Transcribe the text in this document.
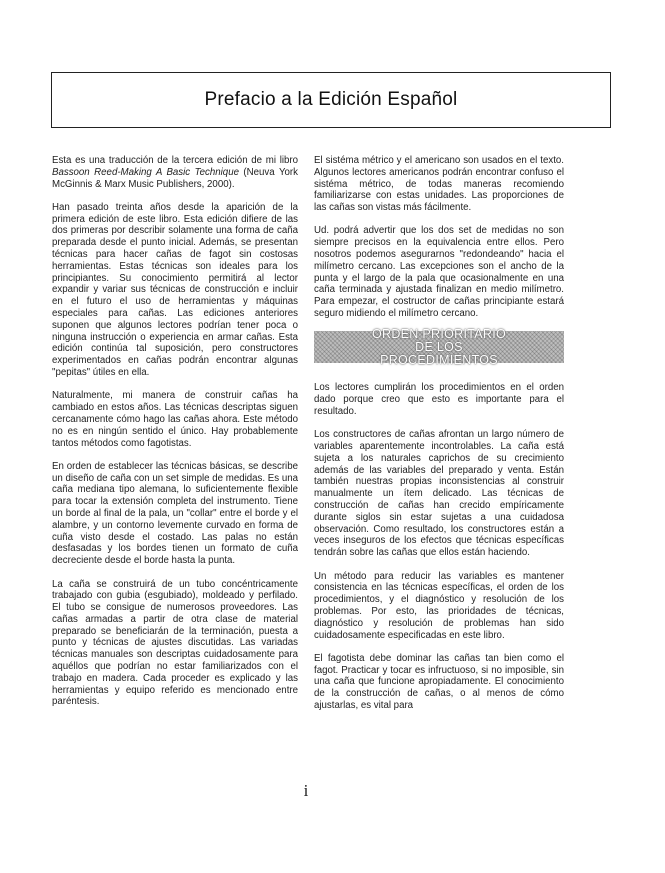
Prefacio a la Edición Español

Esta es una traducción de la tercera edición de mi libro Bassoon Reed-Making A Basic Technique (Neuva York McGinnis & Marx Music Publishers, 2000).

Han pasado treinta años desde la aparición de la primera edición de este libro. Esta edición difiere de las dos primeras por describir solamente una forma de caña preparada desde el punto inicial. Además, se presentan técnicas para hacer cañas de fagot sin costosas herramientas. Estas técnicas son ideales para los principiantes. Su conocimiento permitirá al lector expandir y variar sus técnicas de construcción e incluir en el futuro el uso de herramientas y máquinas especiales para cañas. Las ediciones anteriores suponen que algunos lectores podrían tener poca o ninguna instrucción o experiencia en armar cañas. Esta edición continúa tal suposición, pero constructores experimentados en cañas podrán encontrar algunas "pepitas" útiles en ella.

Naturalmente, mi manera de construir cañas ha cambiado en estos años. Las técnicas descriptas siguen cercanamente cómo hago las cañas ahora. Este método no es en ningún sentido el único. Hay probablemente tantos métodos como fagotistas.

En orden de establecer las técnicas básicas, se describe un diseño de caña con un set simple de medidas. Es una caña mediana tipo alemana, lo suficientemente flexible para tocar la extensión completa del instrumento. Tiene un borde al final de la pala, un "collar" entre el borde y el alambre, y un contorno levemente curvado en forma de cuña visto desde el costado. Las palas no están desfasadas y los bordes tienen un formato de cuña decreciente desde el borde hasta la punta.

La caña se construirá de un tubo concéntricamente trabajado con gubia (esgubiado), moldeado y perfilado. El tubo se consigue de numerosos proveedores. Las cañas armadas a partir de otra clase de material preparado se beneficiarán de la terminación, puesta a punto y técnicas de ajustes discutidas. Las variadas técnicas manuales son descriptas cuidadosamente para aquéllos que podrían no estar familiarizados con el trabajo en madera. Cada proceder es explicado y las herramientas y equipo referido es mencionado entre paréntesis.

El sistéma métrico y el americano son usados en el texto. Algunos lectores americanos podrán encontrar confuso el sistéma métrico, de todas maneras recomiendo familiarizarse con estas unidades. Las proporciones de las cañas son vistas más fácilmente.

Ud. podrá advertir que los dos set de medidas no son siempre precisos en la equivalencia entre ellos. Pero nosotros podemos asegurarnos "redondeando" hacia el milímetro cercano. Las excepciones son el ancho de la punta y el largo de la pala que ocasionalmente en una caña terminada y ajustada finalizan en medio milímetro. Para empezar, el costructor de cañas principiante estará seguro midiendo el milímetro cercano.

ORDEN PRIORITARIO DE LOS PROCEDIMIENTOS

Los lectores cumplirán los procedimientos en el orden dado porque creo que esto es importante para el resultado.

Los constructores de cañas afrontan un largo número de variables aparentemente incontrolables. La caña está sujeta a los naturales caprichos de su crecimiento además de las variables del preparado y venta. Están también nuestras propias inconsistencias al construir manualmente un ítem delicado. Las técnicas de construcción de cañas han crecido empíricamente durante siglos sin estar sujetas a una cuidadosa observación. Como resultado, los constructores están a veces inseguros de los efectos que técnicas específicas tendrán sobre las cañas que ellos están haciendo.

Un método para reducir las variables es mantener consistencia en las técnicas específicas, el orden de los procedimientos, y el diagnóstico y resolución de los problemas. Por esto, las prioridades de técnicas, diagnóstico y resolución de problemas han sido cuidadosamente especificadas en este libro.

El fagotista debe dominar las cañas tan bien como el fagot. Practicar y tocar es infructuoso, si no imposible, sin una caña que funcione apropiadamente. El conocimiento de la construcción de cañas, o al menos de cómo ajustarlas, es vital para

i
